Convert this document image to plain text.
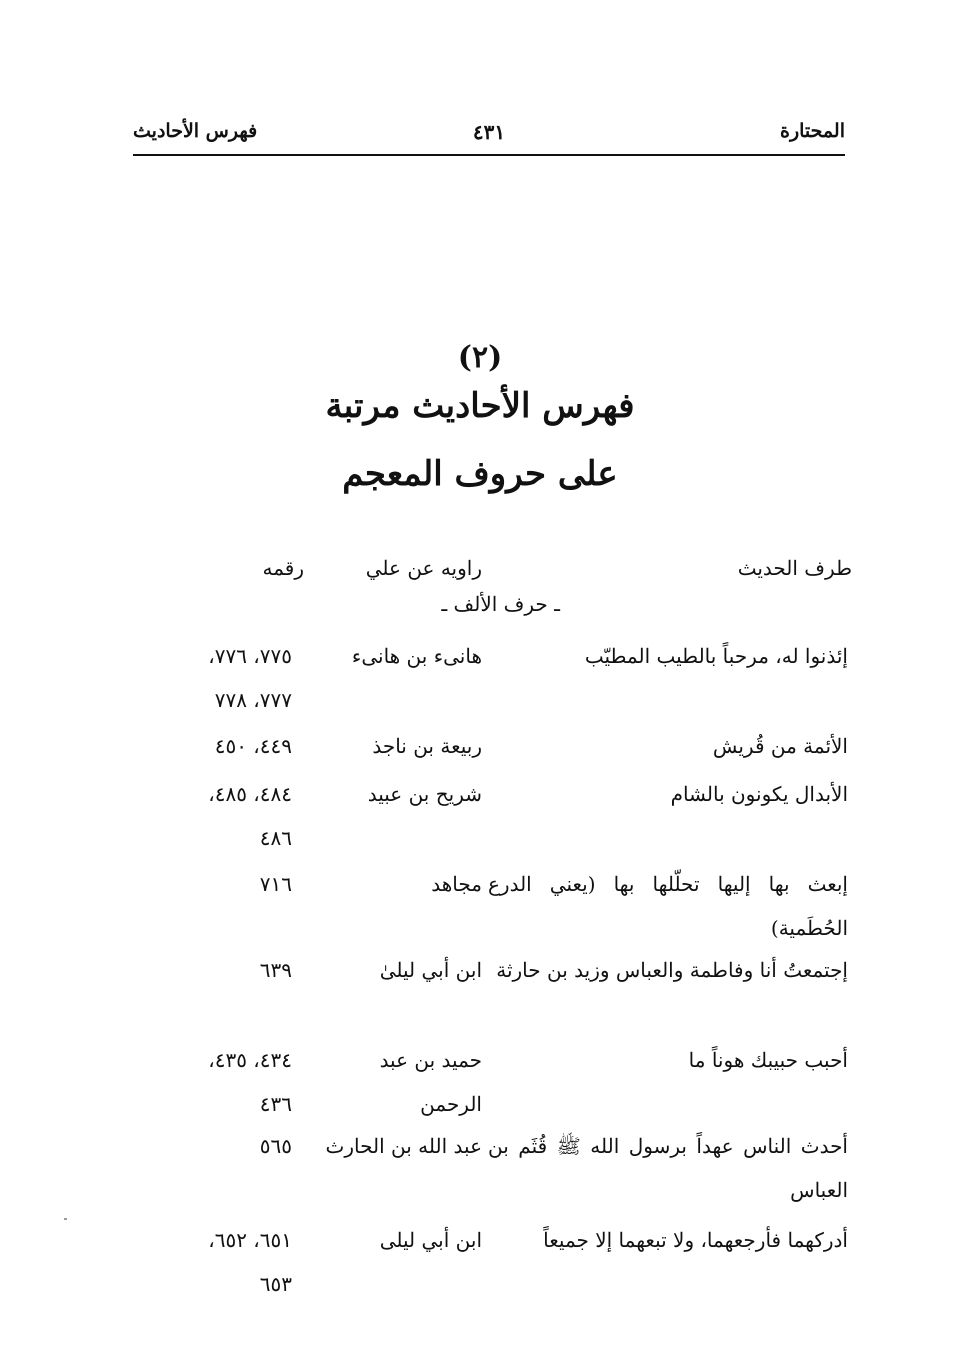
المحتارة
٤٣١
فهرس الأحاديث
(٢)
فهرس الأحاديث مرتبة
على حروف المعجم
طرف الحديث
راويه عن علي
رقمه
ـ حرف الألف ـ
إئذنوا له، مرحباً بالطيب المطيّب
هانىء بن هانىء
٧٧٥، ٧٧٦، ٧٧٧، ٧٧٨
الأئمة من قُريش
ربيعة بن ناجذ
٤٤٩، ٤٥٠
الأبدال يكونون بالشام
شريح بن عبيد
٤٨٤، ٤٨٥، ٤٨٦
إبعث بها إليها تحلّلها بها (يعني الدرع الحُطَمية)
مجاهد
٧١٦
إجتمعتُ أنا وفاطمة والعباس وزيد بن حارثة
ابن أبي ليلىٰ
٦٣٩
أحبب حبيبك هوناً ما
حميد بن عبد الرحمن
٤٣٤، ٤٣٥، ٤٣٦
أحدث الناس عهداً برسول الله ﷺ قُثَم بن العباس
عبد الله بن الحارث
٥٦٥
أدركهما فأرجعهما، ولا تبعهما إلا جميعاً
ابن أبي ليلى
٦٥١، ٦٥٢، ٦٥٣
